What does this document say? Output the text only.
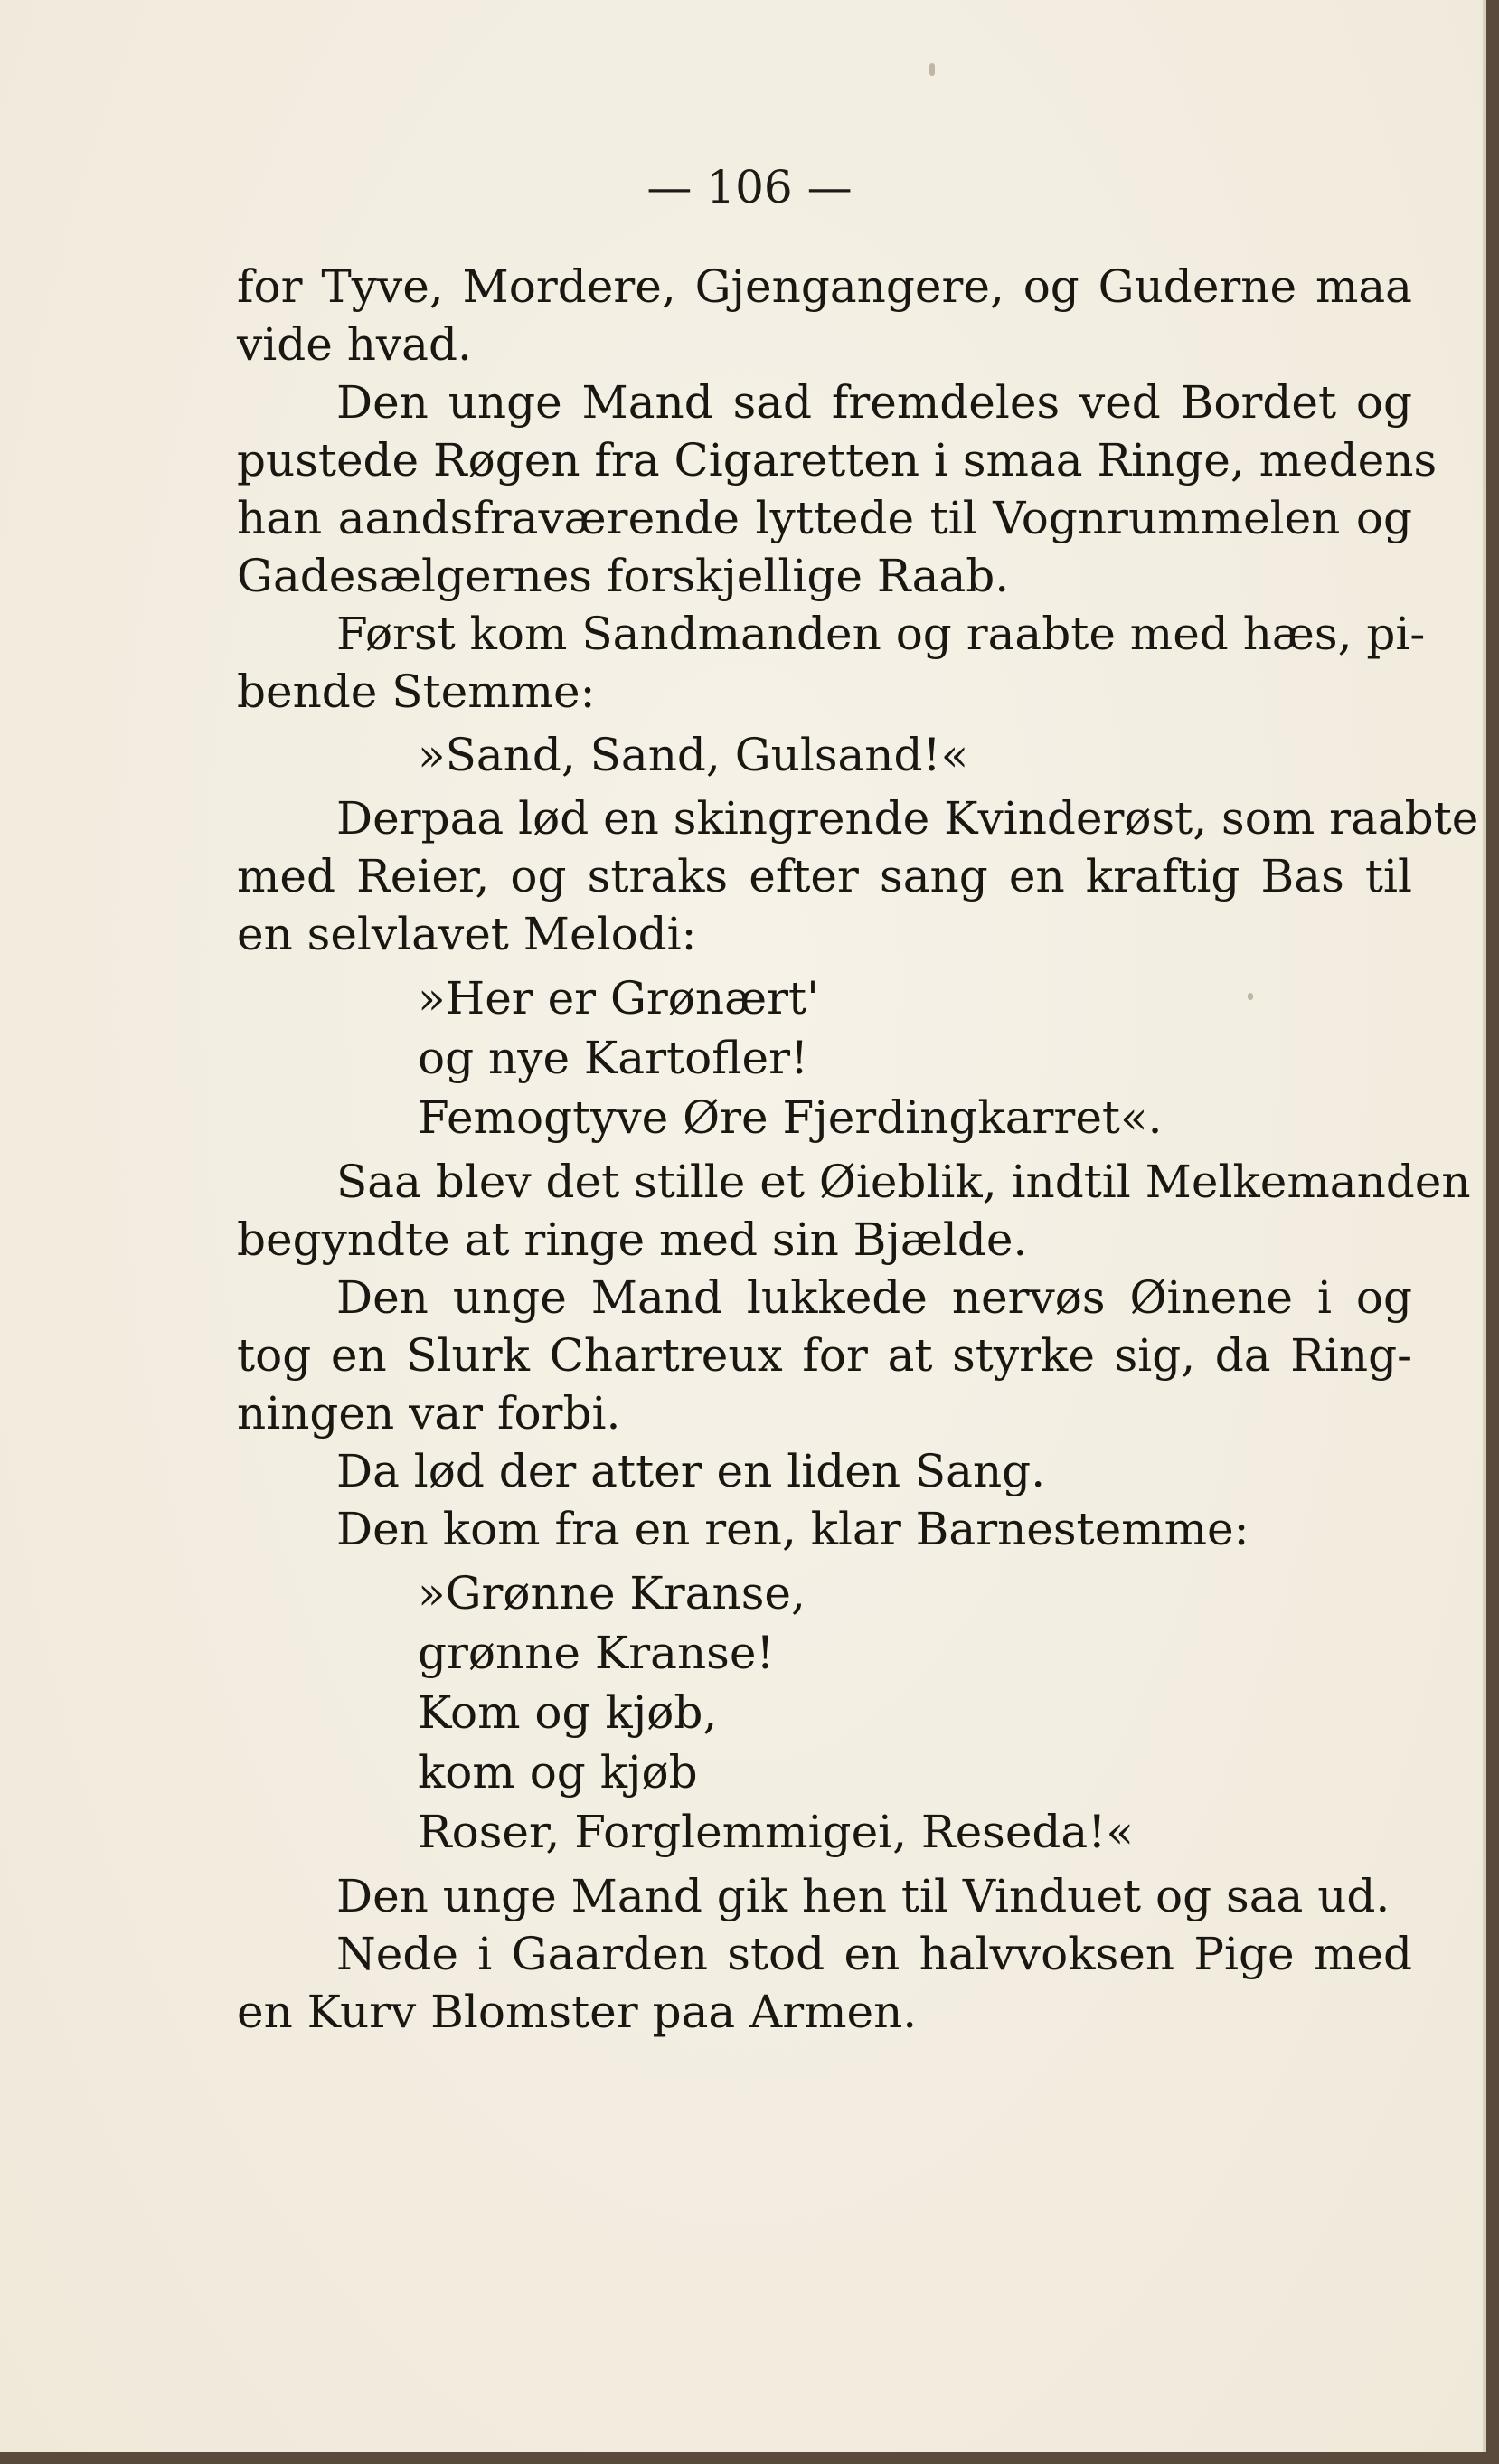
— 106 —
for Tyve, Mordere, Gjengangere, og Guderne maa
vide hvad.
Den unge Mand sad fremdeles ved Bordet og
pustede Røgen fra Cigaretten i smaa Ringe, medens
han aandsfraværende lyttede til Vognrummelen og
Gadesælgernes forskjellige Raab.
Først kom Sandmanden og raabte med hæs, pi-
bende Stemme:
»Sand, Sand, Gulsand!«
Derpaa lød en skingrende Kvinderøst, som raabte
med Reier, og straks efter sang en kraftig Bas til
en selvlavet Melodi:
»Her er Grønært'
og nye Kartofler!
Femogtyve Øre Fjerdingkarret«.
Saa blev det stille et Øieblik, indtil Melkemanden
begyndte at ringe med sin Bjælde.
Den unge Mand lukkede nervøs Øinene i og
tog en Slurk Chartreux for at styrke sig, da Ring-
ningen var forbi.
Da lød der atter en liden Sang.
Den kom fra en ren, klar Barnestemme:
»Grønne Kranse,
grønne Kranse!
Kom og kjøb,
kom og kjøb
Roser, Forglemmigei, Reseda!«
Den unge Mand gik hen til Vinduet og saa ud.
Nede i Gaarden stod en halvvoksen Pige med
en Kurv Blomster paa Armen.
